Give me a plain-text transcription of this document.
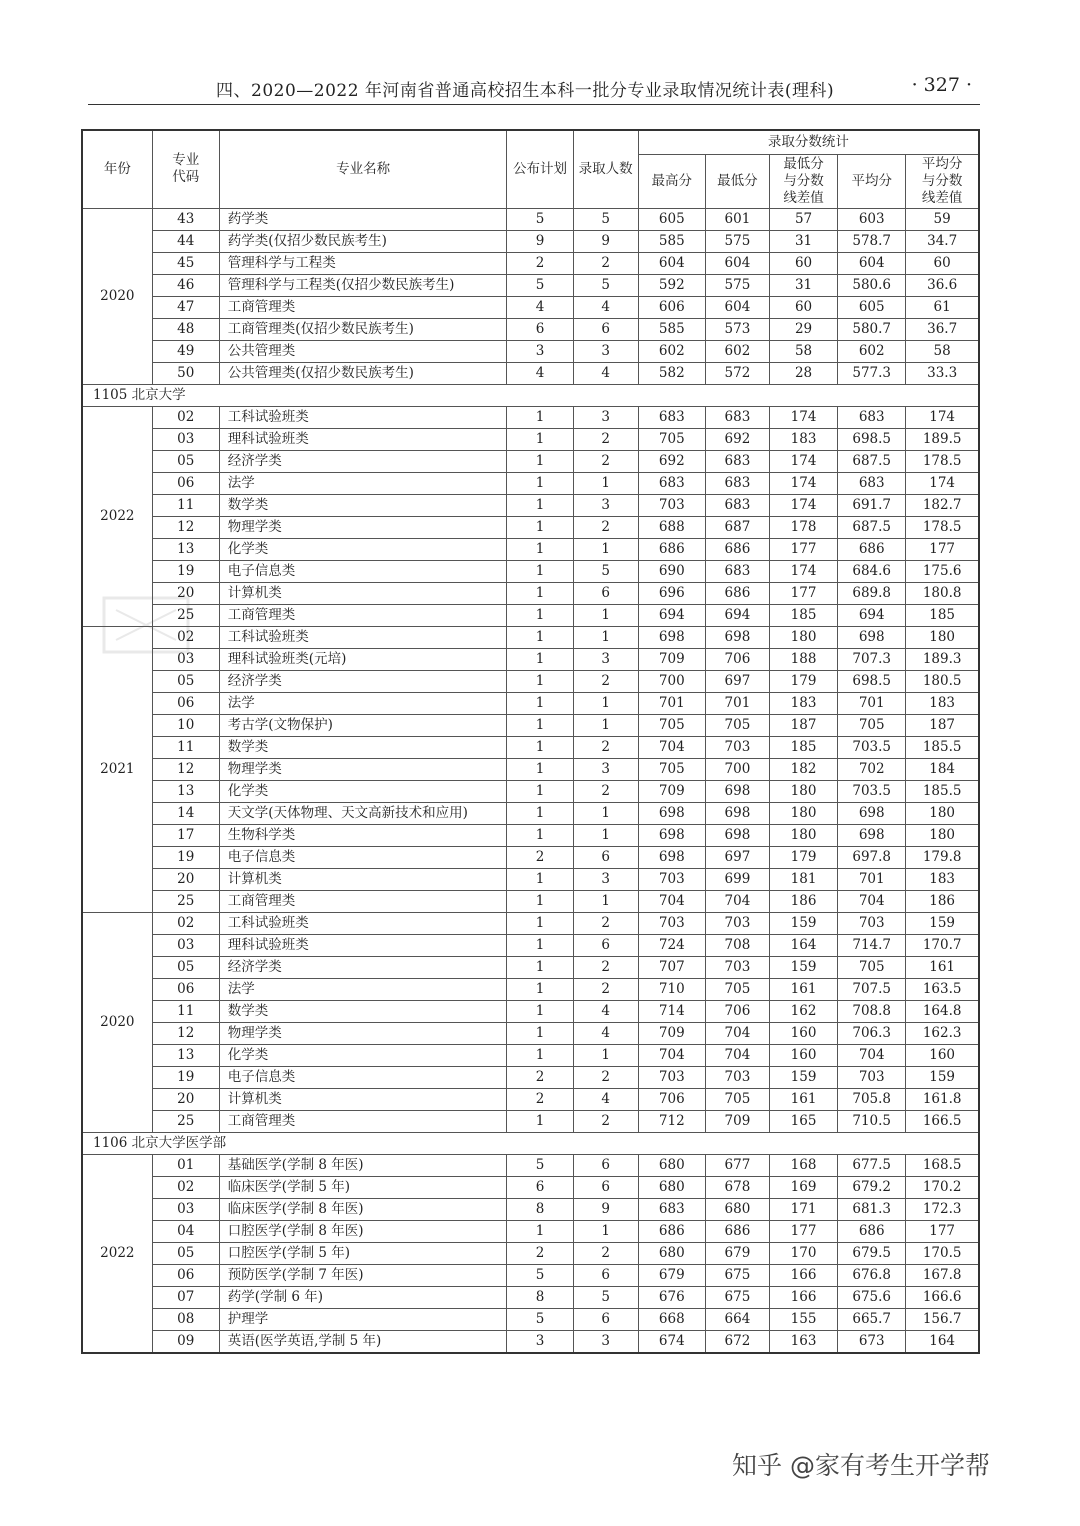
四、2020—2022 年河南省普通高校招生本科一批分专业录取情况统计表(理科)	· 327 ·
年份	专业代码	专业名称	公布计划	录取人数	录取分数统计				
					最高分	最低分	最低分与分数线差值	平均分	平均分与分数线差值
2020	43	药学类	5	5	605	601	57	603	59
	44	药学类(仅招少数民族考生)	9	9	585	575	31	578.7	34.7
	45	管理科学与工程类	2	2	604	604	60	604	60
	46	管理科学与工程类(仅招少数民族考生)	5	5	592	575	31	580.6	36.6
	47	工商管理类	4	4	606	604	60	605	61
	48	工商管理类(仅招少数民族考生)	6	6	585	573	29	580.7	36.7
	49	公共管理类	3	3	602	602	58	602	58
	50	公共管理类(仅招少数民族考生)	4	4	582	572	28	577.3	33.3
1105 北京大学									
2022	02	工科试验班类	1	3	683	683	174	683	174
	03	理科试验班类	1	2	705	692	183	698.5	189.5
	05	经济学类	1	2	692	683	174	687.5	178.5
	06	法学	1	1	683	683	174	683	174
	11	数学类	1	3	703	683	174	691.7	182.7
	12	物理学类	1	2	688	687	178	687.5	178.5
	13	化学类	1	1	686	686	177	686	177
	19	电子信息类	1	5	690	683	174	684.6	175.6
	20	计算机类	1	6	696	686	177	689.8	180.8
	25	工商管理类	1	1	694	694	185	694	185
2021	02	工科试验班类	1	1	698	698	180	698	180
	03	理科试验班类(元培)	1	3	709	706	188	707.3	189.3
	05	经济学类	1	2	700	697	179	698.5	180.5
	06	法学	1	1	701	701	183	701	183
	10	考古学(文物保护)	1	1	705	705	187	705	187
	11	数学类	1	2	704	703	185	703.5	185.5
	12	物理学类	1	3	705	700	182	702	184
	13	化学类	1	2	709	698	180	703.5	185.5
	14	天文学(天体物理、天文高新技术和应用)	1	1	698	698	180	698	180
	17	生物科学类	1	1	698	698	180	698	180
	19	电子信息类	2	6	698	697	179	697.8	179.8
	20	计算机类	1	3	703	699	181	701	183
	25	工商管理类	1	1	704	704	186	704	186
2020	02	工科试验班类	1	2	703	703	159	703	159
	03	理科试验班类	1	6	724	708	164	714.7	170.7
	05	经济学类	1	2	707	703	159	705	161
	06	法学	1	2	710	705	161	707.5	163.5
	11	数学类	1	4	714	706	162	708.8	164.8
	12	物理学类	1	4	709	704	160	706.3	162.3
	13	化学类	1	1	704	704	160	704	160
	19	电子信息类	2	2	703	703	159	703	159
	20	计算机类	2	4	706	705	161	705.8	161.8
	25	工商管理类	1	2	712	709	165	710.5	166.5
1106 北京大学医学部									
2022	01	基础医学(学制 8 年医)	5	6	680	677	168	677.5	168.5
	02	临床医学(学制 5 年)	6	6	680	678	169	679.2	170.2
	03	临床医学(学制 8 年医)	8	9	683	680	171	681.3	172.3
	04	口腔医学(学制 8 年医)	1	1	686	686	177	686	177
	05	口腔医学(学制 5 年)	2	2	680	679	170	679.5	170.5
	06	预防医学(学制 7 年医)	5	6	679	675	166	676.8	167.8
	07	药学(学制 6 年)	8	5	676	675	166	675.6	166.6
	08	护理学	5	6	668	664	155	665.7	156.7
	09	英语(医学英语,学制 5 年)	3	3	674	672	163	673	164
知乎 @家有考生开学帮
